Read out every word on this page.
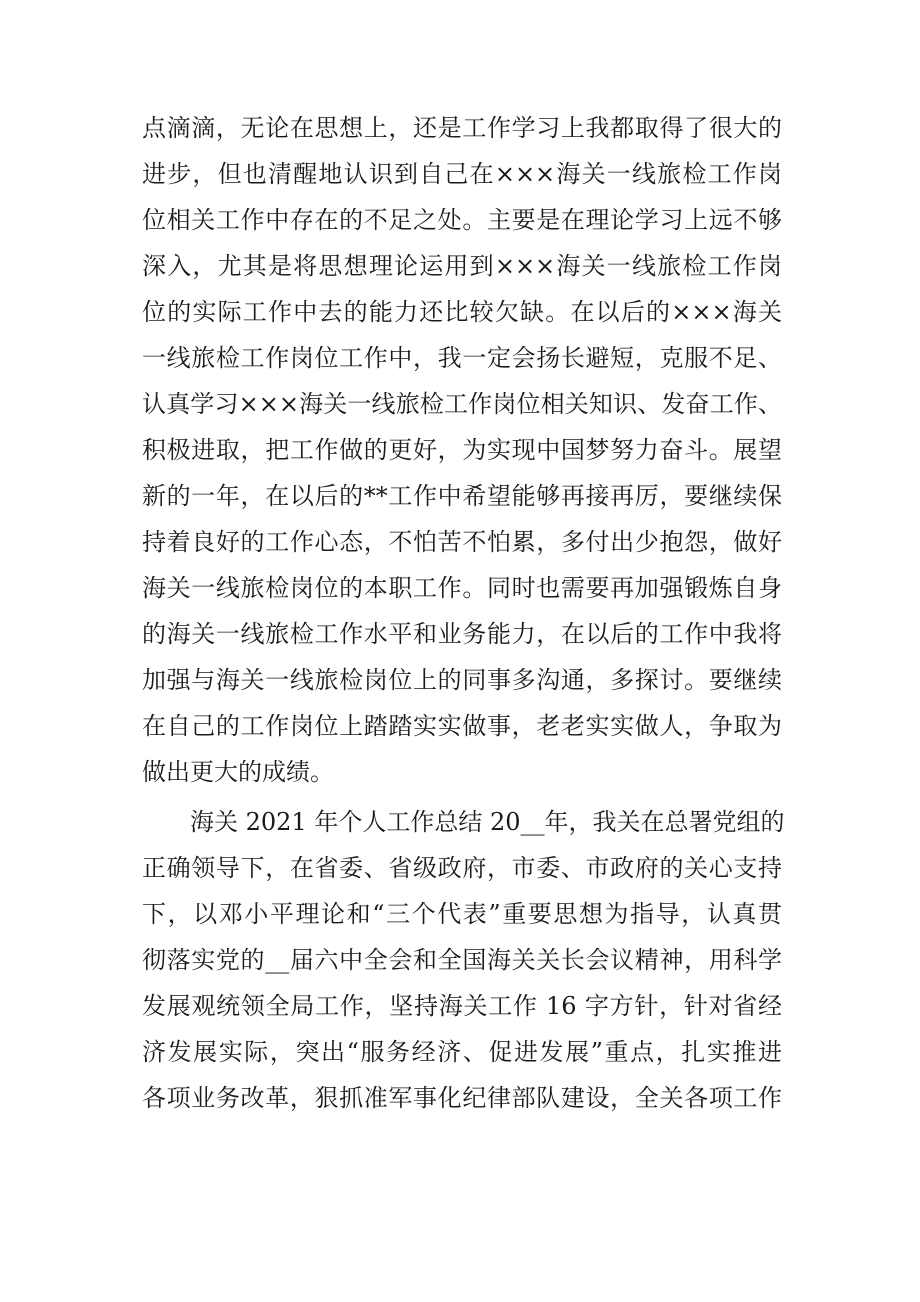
点滴滴，无论在思想上，还是工作学习上我都取得了很大的
进步，但也清醒地认识到自己在×××海关一线旅检工作岗
位相关工作中存在的不足之处。主要是在理论学习上远不够
深入，尤其是将思想理论运用到×××海关一线旅检工作岗
位的实际工作中去的能力还比较欠缺。在以后的×××海关
一线旅检工作岗位工作中，我一定会扬长避短，克服不足、
认真学习×××海关一线旅检工作岗位相关知识、发奋工作、
积极进取，把工作做的更好，为实现中国梦努力奋斗。展望
新的一年，在以后的**工作中希望能够再接再厉，要继续保
持着良好的工作心态，不怕苦不怕累，多付出少抱怨，做好
海关一线旅检岗位的本职工作。同时也需要再加强锻炼自身
的海关一线旅检工作水平和业务能力，在以后的工作中我将
加强与海关一线旅检岗位上的同事多沟通，多探讨。要继续
在自己的工作岗位上踏踏实实做事，老老实实做人，争取为
做出更大的成绩。
海关 2021 年个人工作总结 20__年，我关在总署党组的
正确领导下，在省委、省级政府，市委、市政府的关心支持
下，以邓小平理论和“三个代表”重要思想为指导，认真贯
彻落实党的__届六中全会和全国海关关长会议精神，用科学
发展观统领全局工作，坚持海关工作 16 字方针，针对省经
济发展实际，突出“服务经济、促进发展”重点，扎实推进
各项业务改革，狠抓准军事化纪律部队建设，全关各项工作
